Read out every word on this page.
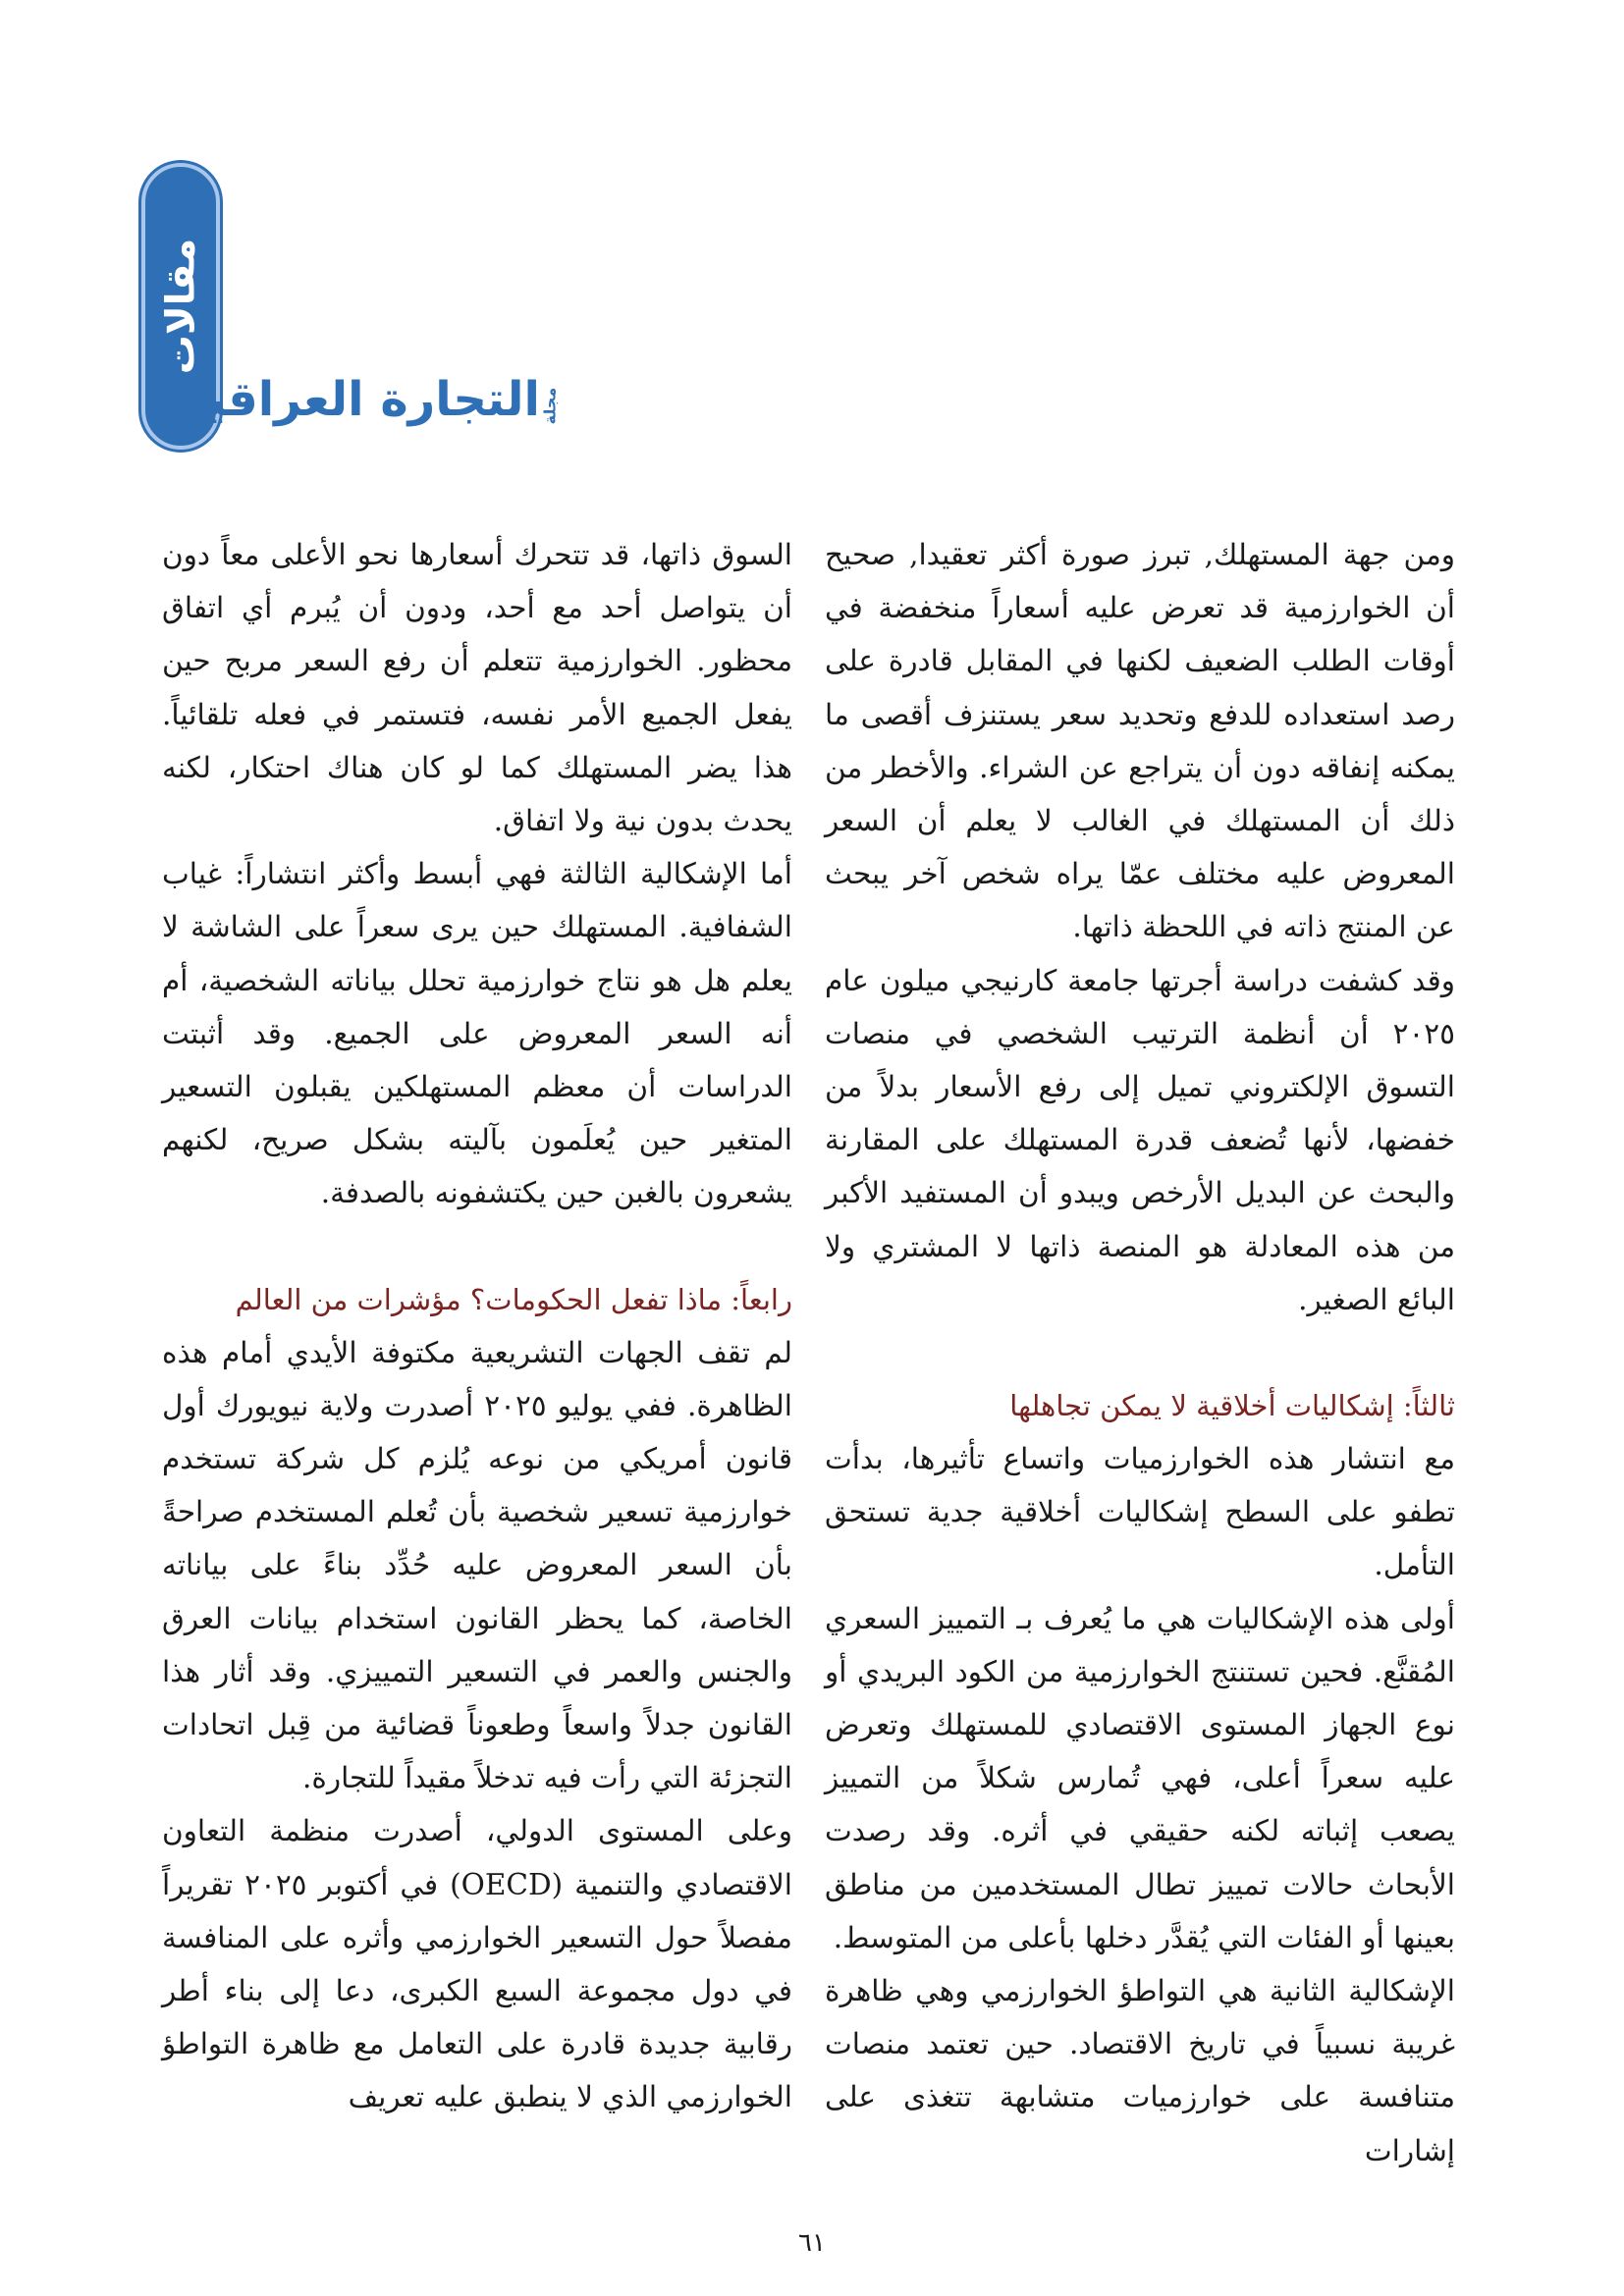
مقالات
التجارة العراقية مجلة

ومن جهة المستهلك, تبرز صورة أكثر تعقيدا, صحيح أن الخوارزمية قد تعرض عليه أسعاراً منخفضة في أوقات الطلب الضعيف لكنها في المقابل قادرة على رصد استعداده للدفع وتحديد سعر يستنزف أقصى ما يمكنه إنفاقه دون أن يتراجع عن الشراء. والأخطر من ذلك أن المستهلك في الغالب لا يعلم أن السعر المعروض عليه مختلف عمّا يراه شخص آخر يبحث عن المنتج ذاته في اللحظة ذاتها.

وقد كشفت دراسة أجرتها جامعة كارنيجي ميلون عام ٢٠٢٥ أن أنظمة الترتيب الشخصي في منصات التسوق الإلكتروني تميل إلى رفع الأسعار بدلاً من خفضها، لأنها تُضعف قدرة المستهلك على المقارنة والبحث عن البديل الأرخص ويبدو أن المستفيد الأكبر من هذه المعادلة هو المنصة ذاتها لا المشتري ولا البائع الصغير.

ثالثاً: إشكاليات أخلاقية لا يمكن تجاهلها

مع انتشار هذه الخوارزميات واتساع تأثيرها، بدأت تطفو على السطح إشكاليات أخلاقية جدية تستحق التأمل.

أولى هذه الإشكاليات هي ما يُعرف بـ التمييز السعري المُقنَّع. فحين تستنتج الخوارزمية من الكود البريدي أو نوع الجهاز المستوى الاقتصادي للمستهلك وتعرض عليه سعراً أعلى، فهي تُمارس شكلاً من التمييز يصعب إثباته لكنه حقيقي في أثره. وقد رصدت الأبحاث حالات تمييز تطال المستخدمين من مناطق بعينها أو الفئات التي يُقدَّر دخلها بأعلى من المتوسط.

الإشكالية الثانية هي التواطؤ الخوارزمي وهي ظاهرة غريبة نسبياً في تاريخ الاقتصاد. حين تعتمد منصات متنافسة على خوارزميات متشابهة تتغذى على إشارات

السوق ذاتها، قد تتحرك أسعارها نحو الأعلى معاً دون أن يتواصل أحد مع أحد، ودون أن يُبرم أي اتفاق محظور. الخوارزمية تتعلم أن رفع السعر مربح حين يفعل الجميع الأمر نفسه، فتستمر في فعله تلقائياً. هذا يضر المستهلك كما لو كان هناك احتكار، لكنه يحدث بدون نية ولا اتفاق.

أما الإشكالية الثالثة فهي أبسط وأكثر انتشاراً: غياب الشفافية. المستهلك حين يرى سعراً على الشاشة لا يعلم هل هو نتاج خوارزمية تحلل بياناته الشخصية، أم أنه السعر المعروض على الجميع. وقد أثبتت الدراسات أن معظم المستهلكين يقبلون التسعير المتغير حين يُعلَمون بآليته بشكل صريح، لكنهم يشعرون بالغبن حين يكتشفونه بالصدفة.

رابعاً: ماذا تفعل الحكومات؟ مؤشرات من العالم

لم تقف الجهات التشريعية مكتوفة الأيدي أمام هذه الظاهرة. ففي يوليو ٢٠٢٥ أصدرت ولاية نيويورك أول قانون أمريكي من نوعه يُلزم كل شركة تستخدم خوارزمية تسعير شخصية بأن تُعلم المستخدم صراحةً بأن السعر المعروض عليه حُدِّد بناءً على بياناته الخاصة، كما يحظر القانون استخدام بيانات العرق والجنس والعمر في التسعير التمييزي. وقد أثار هذا القانون جدلاً واسعاً وطعوناً قضائية من قِبل اتحادات التجزئة التي رأت فيه تدخلاً مقيداً للتجارة.

وعلى المستوى الدولي، أصدرت منظمة التعاون الاقتصادي والتنمية (OECD) في أكتوبر ٢٠٢٥ تقريراً مفصلاً حول التسعير الخوارزمي وأثره على المنافسة في دول مجموعة السبع الكبرى، دعا إلى بناء أطر رقابية جديدة قادرة على التعامل مع ظاهرة التواطؤ الخوارزمي الذي لا ينطبق عليه تعريف

٦١
